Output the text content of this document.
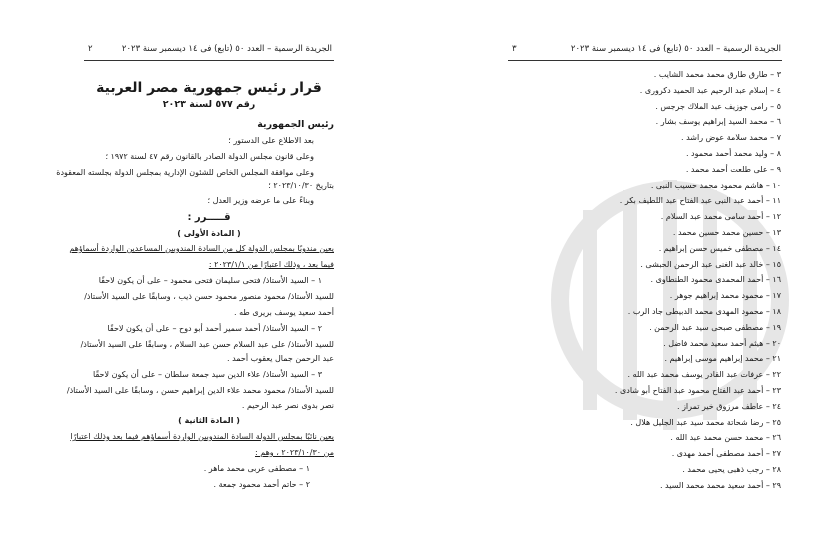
الجريدة الرسمية – العدد ٥٠ (تابع) فى ١٤ ديسمبر سنة ٢٠٢٣
٢
قرار رئيس جمهورية مصر العربية
رقم ٥٧٧ لسنة ٢٠٢٣
رئيس الجمهورية
بعد الاطلاع على الدستور ؛
وعلى قانون مجلس الدولة الصادر بالقانون رقم ٤٧ لسنة ١٩٧٢ ؛
وعلى موافقة المجلس الخاص للشئون الإدارية بمجلس الدولة بجلسته المعقودة
بتاريخ ٢٠٢٣/١٠/٣٠ ؛
وبناءً على ما عرضه وزير العدل ؛
قـــــرر :
( المادة الأولى )
يعين مندوبًا بمجلس الدولة كل من السادة المندوبين المساعدين الواردة أسماؤهم
فيما بعد ، وذلك اعتبارًا من ٢٠٢٣/١/١ :
١ – السيد الأستاذ/ فتحى سليمان فتحى محمود – على أن يكون لاحقًا
للسيد الأستاذ/ محمود منصور محمود حسن ذيب ، وسابقًا على السيد الأستاذ/
أحمد سعيد يوسف بريرى طه .
٢ – السيد الأستاذ/ أحمد سمير أحمد أبو دوح – على أن يكون لاحقًا
للسيد الأستاذ/ على عبد السلام حسن عبد السلام ، وسابقًا على السيد الأستاذ/
عبد الرحمن جمال يعقوب أحمد .
٣ – السيد الأستاذ/ علاء الدين سيد جمعة سلطان – على أن يكون لاحقًا
للسيد الأستاذ/ محمود محمد علاء الدين إبراهيم حسن ، وسابقًا على السيد الأستاذ/
نصر بدوى نصر عبد الرحيم .
( المادة الثانية )
يعين نائبًا بمجلس الدولة السادة المندوبين الواردة أسماؤهم فيما بعد وذلك اعتبارًا
من ٢٠٢٣/١٠/٣٠ ، وهم :
١ – مصطفى عربى محمد ماهر .
٢ – حاتم أحمد محمود جمعة .
الجريدة الرسمية – العدد ٥٠ (تابع) فى ١٤ ديسمبر سنة ٢٠٢٣
٣
٣ – طارق طارق محمد محمد الشايب .
٤ – إسلام عبد الرحيم عبد الحميد دكرورى .
٥ – رامى جوزيف عبد الملاك جرجس .
٦ – محمد السيد إبراهيم يوسف بشار .
٧ – محمد سلامة عوض راشد .
٨ – وليد محمد أحمد محمود .
٩ – على طلعت أحمد محمد .
١٠ – هاشم محمود محمد حسيب النبى .
١١ – أحمد عبد النبى عبد الفتاح عبد اللطيف بكر .
١٢ – أحمد سامى محمد عبد السلام .
١٣ – حسين محمد حسين محمد .
١٤ – مصطفى خميس حسن إبراهيم .
١٥ – خالد عبد الغنى عبد الرحمن الحبشى .
١٦ – أحمد المحمدى محمود الطنطاوى .
١٧ – محمود محمد إبراهيم جوهر .
١٨ – محمود المهدى محمد الدبيطى جاد الرب .
١٩ – مصطفى صبحى سيد عبد الرحمن .
٢٠ – هيثم أحمد سعيد محمد فاضل .
٢١ – محمد إبراهيم موسى إبراهيم .
٢٢ – عرفات عبد القادر يوسف محمد عبد الله .
٢٣ – أحمد عبد الفتاح محمود عبد الفتاح أبو شادى .
٢٤ – عاطف مرزوق خير تمراز .
٢٥ – رضا شحاتة محمد سيد عبد الجليل هلال .
٢٦ – محمد حسن محمد عبد الله .
٢٧ – أحمد مصطفى أحمد مهدى .
٢٨ – رجب ذهبى يحيى محمد .
٢٩ – أحمد سعيد محمد محمد السيد .
